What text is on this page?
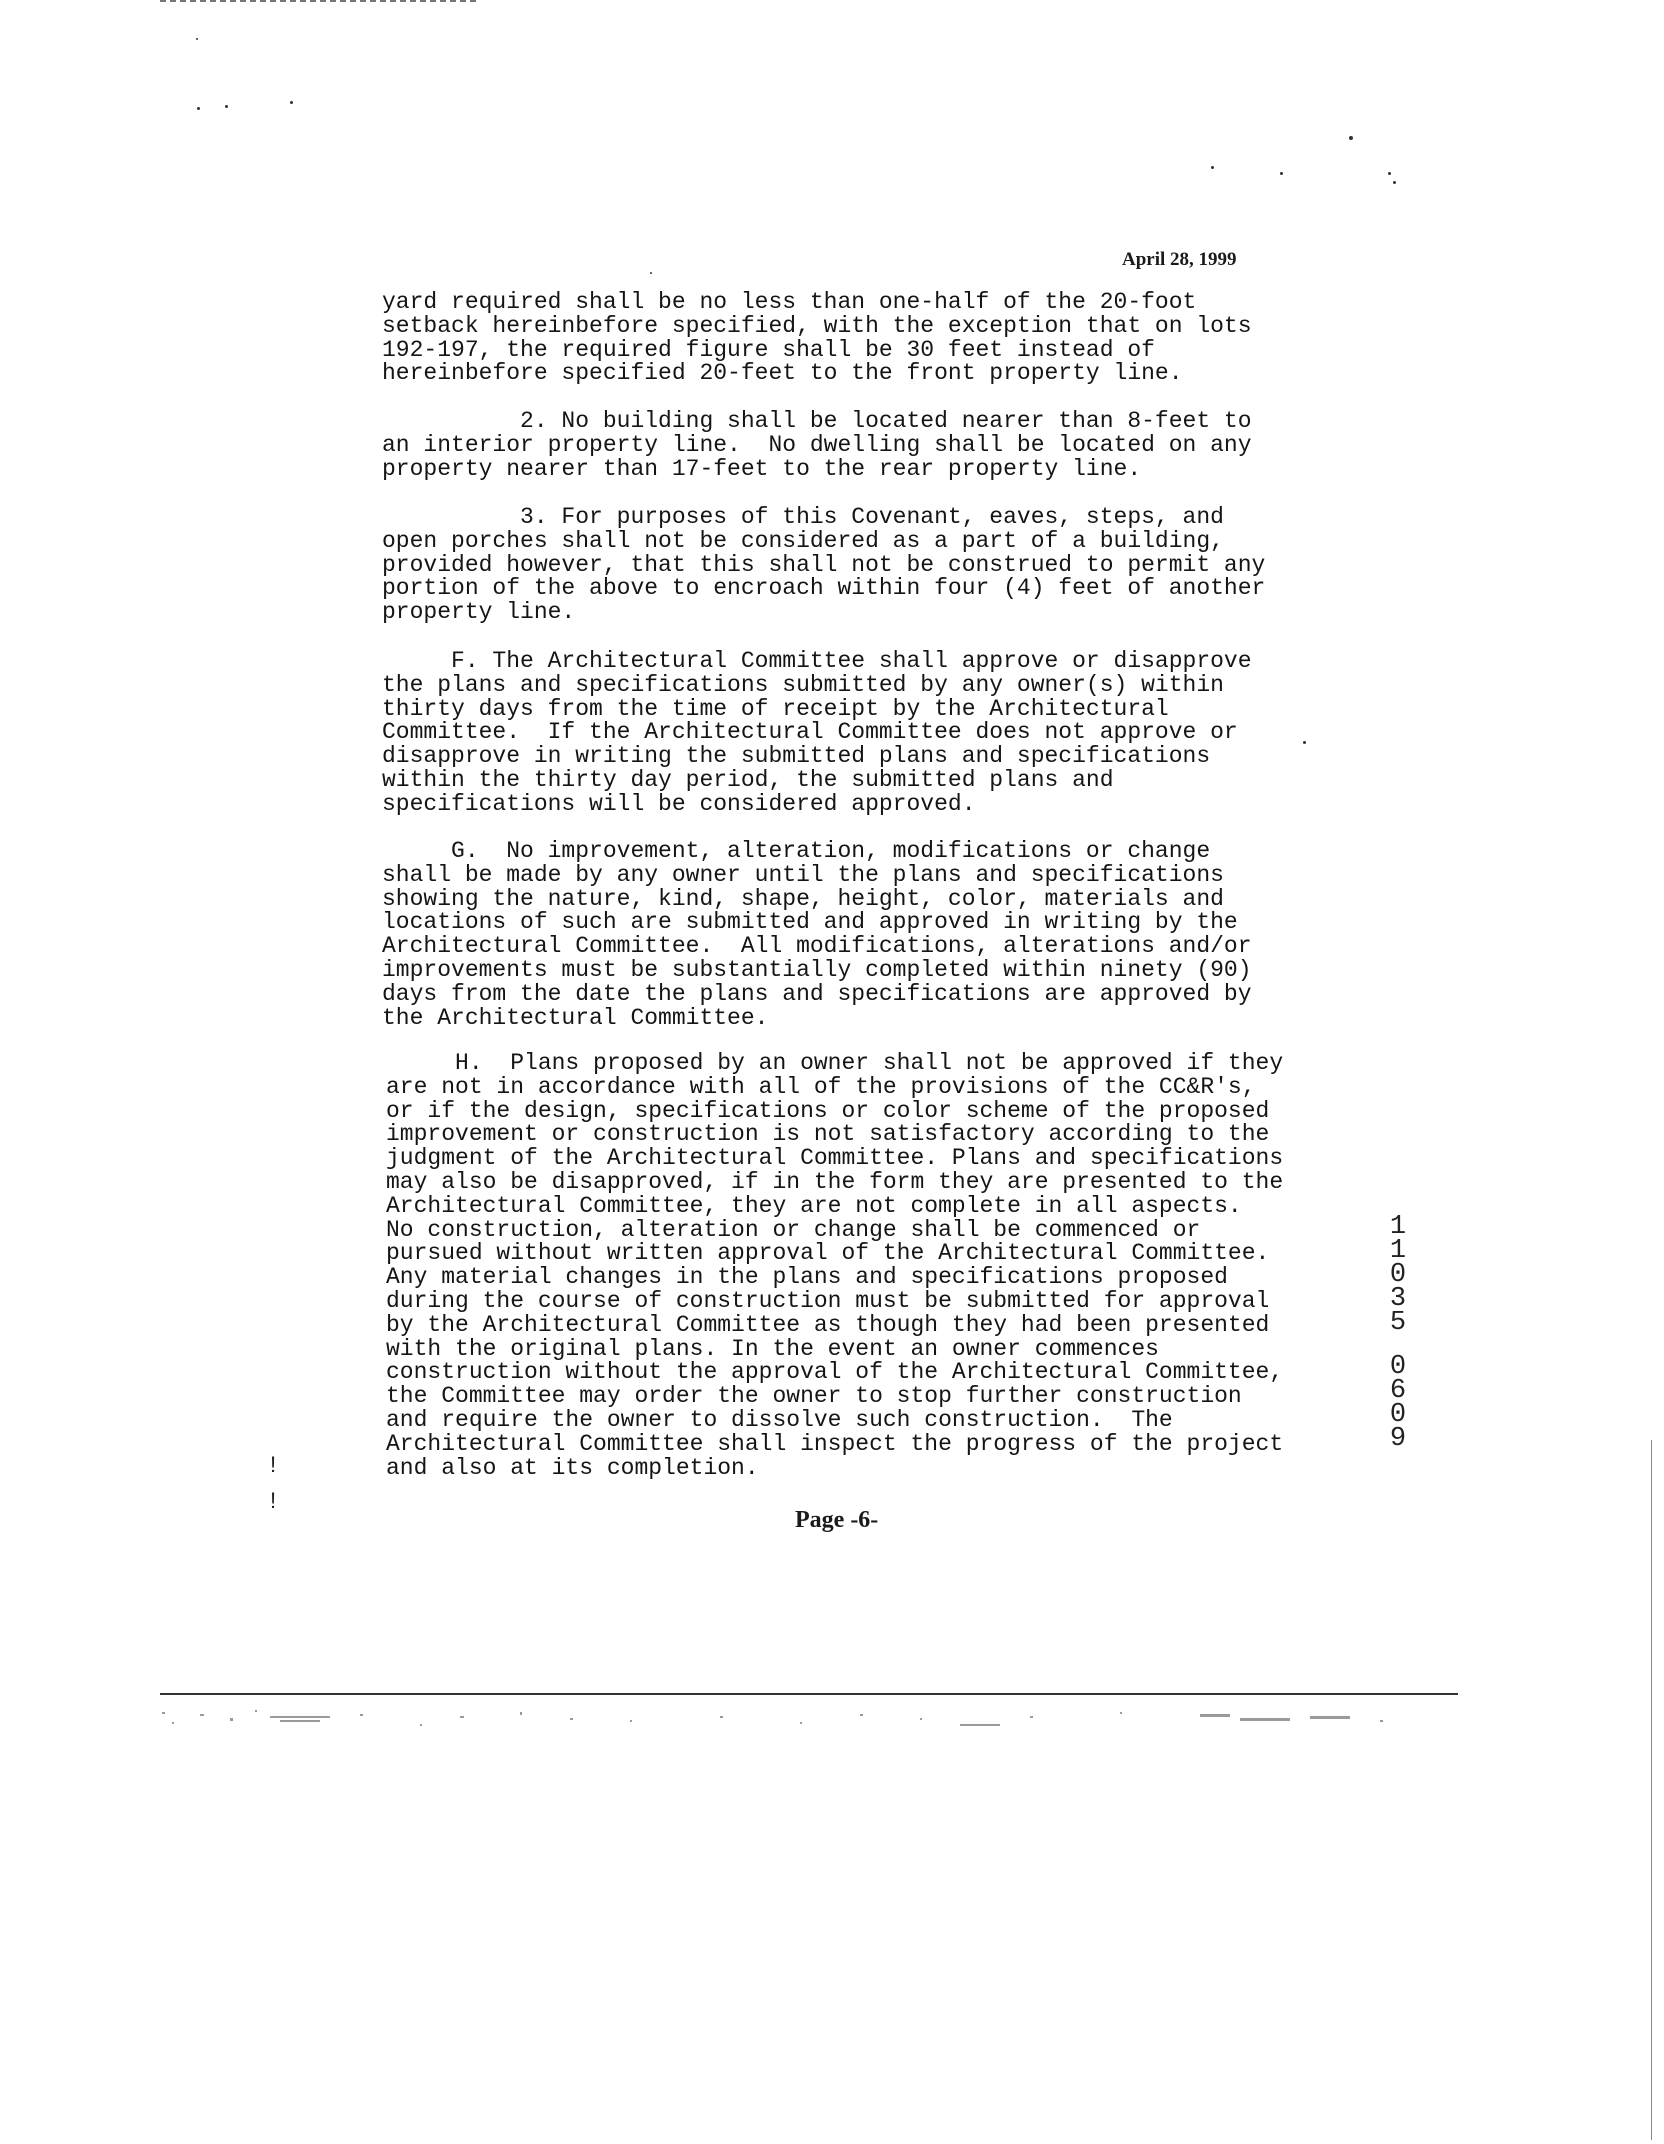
April 28, 1999
yard required shall be no less than one-half of the 20-foot
setback hereinbefore specified, with the exception that on lots
192-197, the required figure shall be 30 feet instead of
hereinbefore specified 20-feet to the front property line.
2. No building shall be located nearer than 8-feet to
an interior property line.  No dwelling shall be located on any
property nearer than 17-feet to the rear property line.
3. For purposes of this Covenant, eaves, steps, and
open porches shall not be considered as a part of a building,
provided however, that this shall not be construed to permit any
portion of the above to encroach within four (4) feet of another
property line.
F. The Architectural Committee shall approve or disapprove
the plans and specifications submitted by any owner(s) within
thirty days from the time of receipt by the Architectural
Committee.  If the Architectural Committee does not approve or
disapprove in writing the submitted plans and specifications
within the thirty day period, the submitted plans and
specifications will be considered approved.
G.  No improvement, alteration, modifications or change
shall be made by any owner until the plans and specifications
showing the nature, kind, shape, height, color, materials and
locations of such are submitted and approved in writing by the
Architectural Committee.  All modifications, alterations and/or
improvements must be substantially completed within ninety (90)
days from the date the plans and specifications are approved by
the Architectural Committee.
H.  Plans proposed by an owner shall not be approved if they
are not in accordance with all of the provisions of the CC&R's,
or if the design, specifications or color scheme of the proposed
improvement or construction is not satisfactory according to the
judgment of the Architectural Committee. Plans and specifications
may also be disapproved, if in the form they are presented to the
Architectural Committee, they are not complete in all aspects.
No construction, alteration or change shall be commenced or
pursued without written approval of the Architectural Committee.
Any material changes in the plans and specifications proposed
during the course of construction must be submitted for approval
by the Architectural Committee as though they had been presented
with the original plans. In the event an owner commences
construction without the approval of the Architectural Committee,
the Committee may order the owner to stop further construction
and require the owner to dissolve such construction.  The
Architectural Committee shall inspect the progress of the project
and also at its completion.
1
1
0
3
5
0
6
0
9
!
!
Page -6-
